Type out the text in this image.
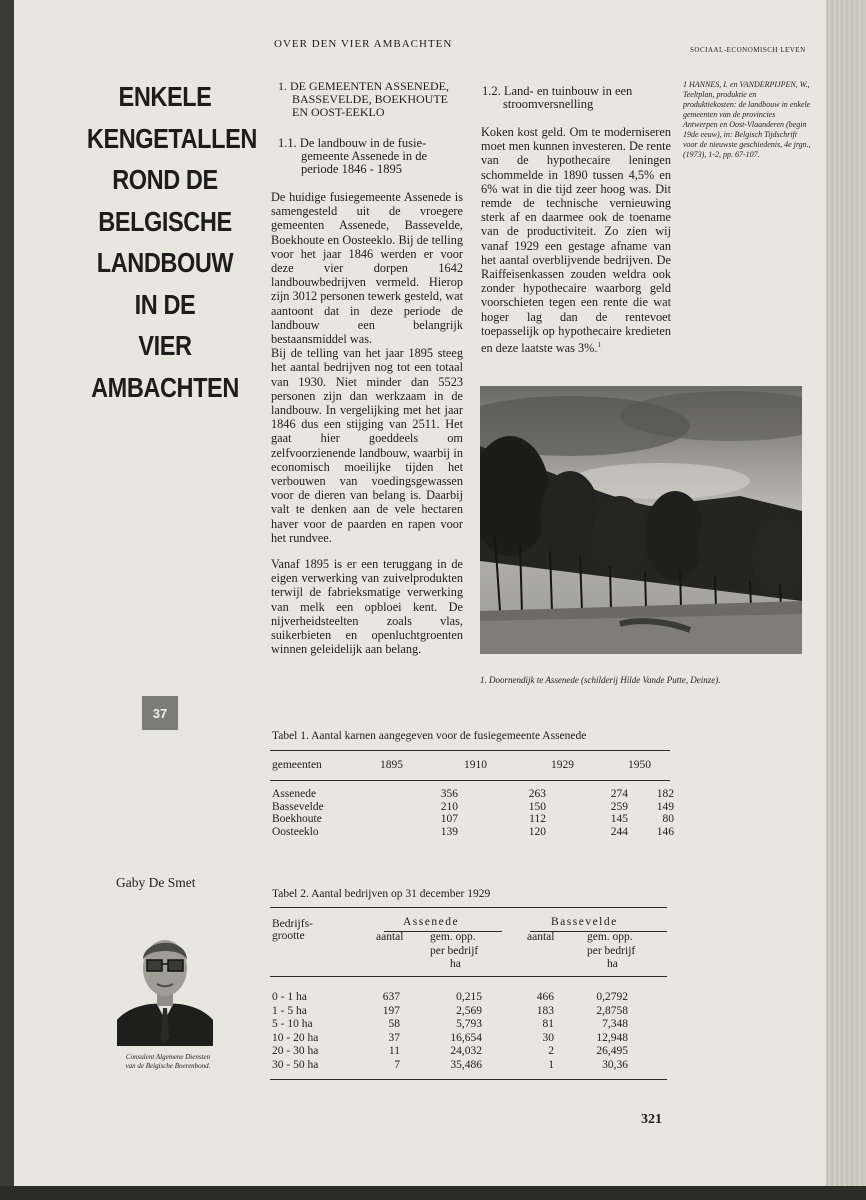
OVER DEN VIER AMBACHTEN	SOCIAAL-ECONOMISCH LEVEN
ENKELE
KENGETALLEN
ROND DE
BELGISCHE
LANDBOUW
IN DE
VIER
AMBACHTEN
1. DE GEMEENTEN ASSENEDE,
BASSEVELDE, BOEKHOUTE
EN OOST-EEKLO
1.1. De landbouw in de fusie-
gemeente Assenede in de
periode 1846 - 1895

De huidige fusiegemeente Assenede is samengesteld uit de vroegere gemeenten Assenede, Bassevelde, Boekhoute en Oosteeklo. Bij de telling voor het jaar 1846 werden er voor deze vier dorpen 1642 landbouwbedrijven vermeld. Hierop zijn 3012 personen tewerk gesteld, wat aantoont dat in deze periode de landbouw een belangrijk bestaansmiddel was.

Bij de telling van het jaar 1895 steeg het aantal bedrijven nog tot een totaal van 1930. Niet minder dan 5523 personen zijn dan werkzaam in de landbouw. In vergelijking met het jaar 1846 dus een stijging van 2511. Het gaat hier goeddeels om zelfvoorzienende landbouw, waarbij in economisch moeilijke tijden het verbouwen van voedingsgewassen voor de dieren van belang is. Daarbij valt te denken aan de vele hectaren haver voor de paarden en rapen voor het rundvee.

Vanaf 1895 is er een teruggang in de eigen verwerking van zuivelprodukten terwijl de fabrieksmatige verwerking van melk een opbloei kent. De nijverheidsteelten zoals vlas, suikerbieten en openluchtgroenten winnen geleidelijk aan belang.

1.2. Land- en tuinbouw in een
stroomversnelling

Koken kost geld. Om te moderniseren moet men kunnen investeren. De rente van de hypothecaire leningen schommelde in 1890 tussen 4,5% en 6% wat in die tijd zeer hoog was. Dit remde de technische vernieuwing sterk af en daarmee ook de toename van de productiviteit. Zo zien wij vanaf 1929 een gestage afname van het aantal overblijvende bedrijven. De Raiffeisenkassen zouden weldra ook zonder hypothecaire waarborg geld voorschieten tegen een rente die wat hoger lag dan de rentevoet toepasselijk op hypothecaire kredieten en deze laatste was 3%.$^1$

1 HANNES, I. en VANDERPIJPEN, W., Teeltplan, produktie en produktiekosten: de landbouw in enkele gemeenten van de provincies Antwerpen en Oost-Vlaanderen (begin 19de eeuw), in: Belgisch Tijdschrift voor de nieuwste geschiedenis, 4e jrgn., (1973), 1-2, pp. 67-107.
1. Doornendijk te Assenede (schilderij Hilde Vande Putte, Deinze).
37
Gaby De Smet
Consulent Algemene Diensten
van de Belgische Boerenbond.
Tabel 1. Aantal karnen aangegeven voor de fusiegemeente Assenede
gemeenten	1895	1910	1929	1950
Assenede	356	263	274	182
Bassevelde	210	150	259	149
Boekhoute	107	112	145	80
Oosteeklo	139	120	244	146
Tabel 2. Aantal bedrijven op 31 december 1929
Bedrijfs-
grootte
Assenede	Bassevelde
aantal gem. opp.
per bedrijf
ha
aantal	gem. opp.
per bedrijf
ha
0 - 1 ha	637	0,215	466	0,2792
1 - 5 ha	197	2,569	183	2,8758
5 - 10 ha	58	5,793	81	7,348
10 - 20 ha	37	16,654	30	12,948
20 - 30 ha	11	24,032	2	26,495
30 - 50 ha	7	35,486	1	30,36
321
